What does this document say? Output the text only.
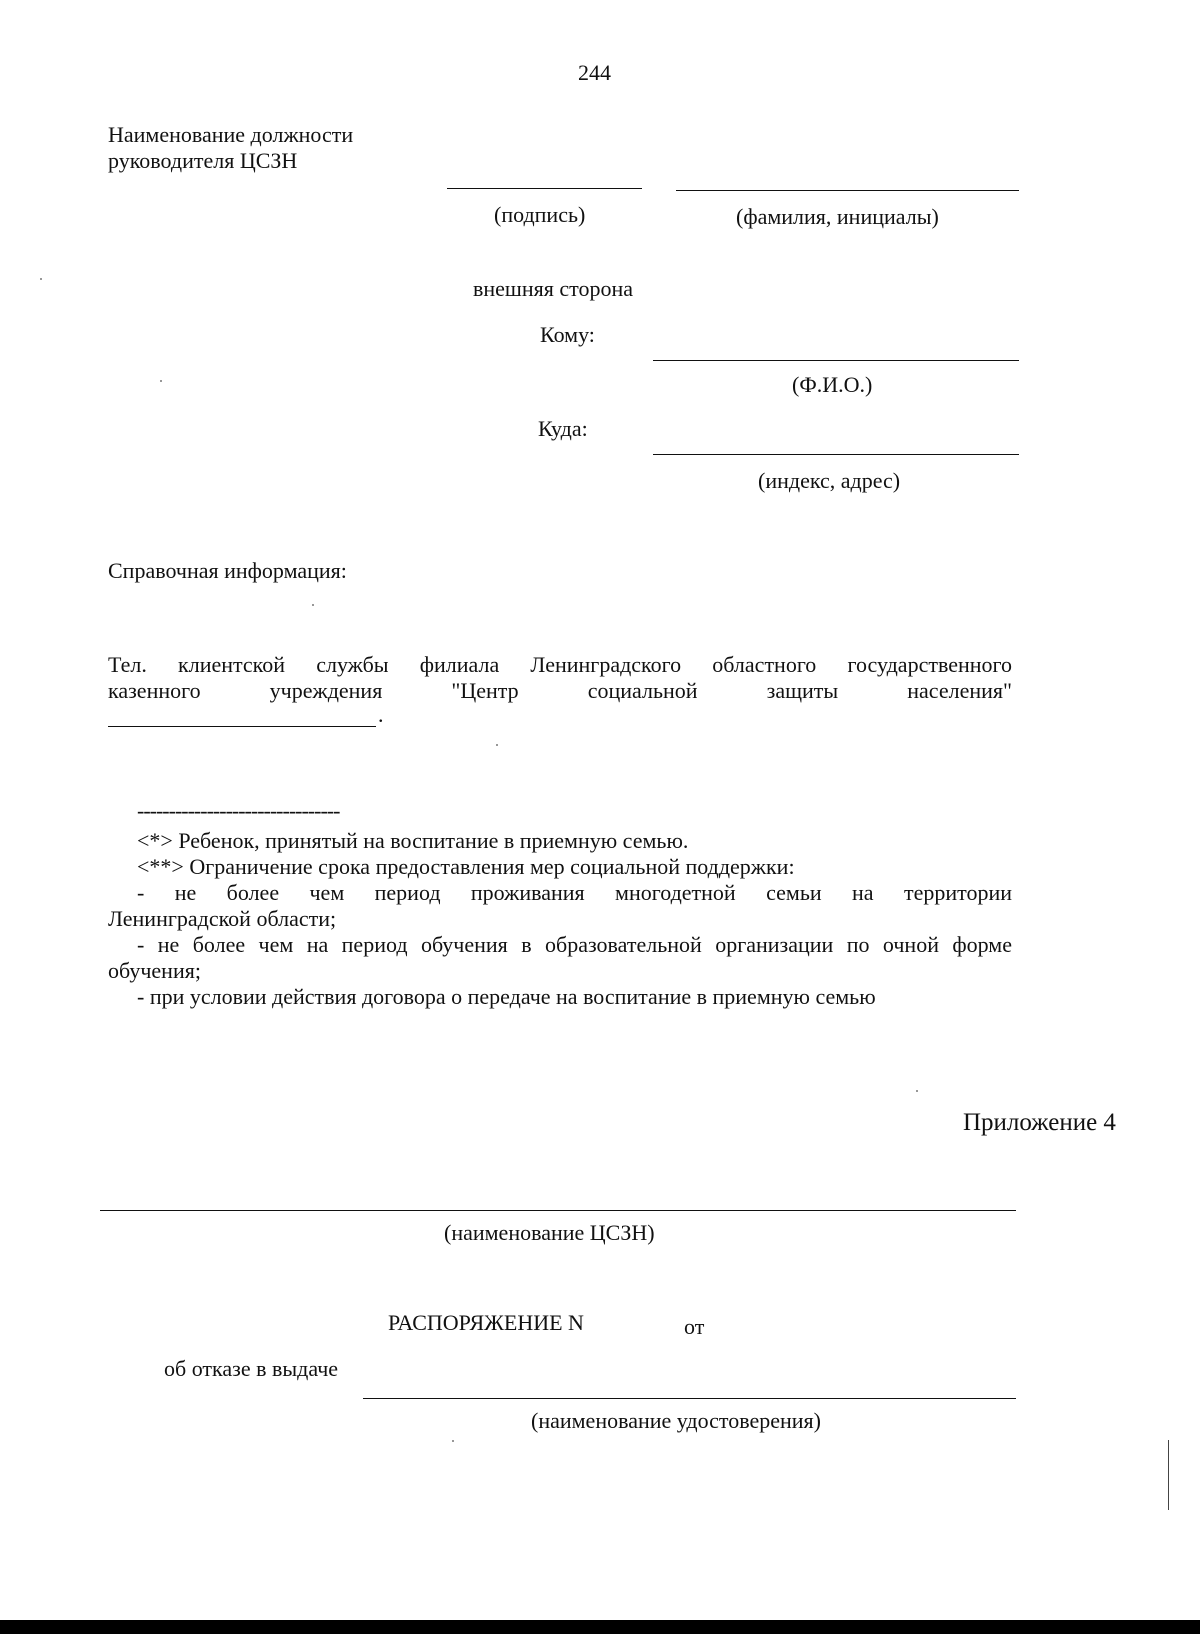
244
Наименование должности
руководителя ЦСЗН
(подпись)	(фамилия, инициалы)
внешняя сторона
Кому:
(Ф.И.О.)
Куда:
(индекс, адрес)
Справочная информация:
Тел. клиентской службы филиала Ленинградского областного государственного
казенного учреждения "Центр социальной защиты населения"
.
--------------------------------
<*> Ребенок, принятый на воспитание в приемную семью.
<**> Ограничение срока предоставления мер социальной поддержки:
- не более чем период проживания многодетной семьи на территории
Ленинградской области;
- не более чем на период обучения в образовательной организации по очной форме
обучения;
- при условии действия договора о передаче на воспитание в приемную семью
Приложение 4
(наименование ЦСЗН)
РАСПОРЯЖЕНИЕ N	от
об отказе в выдаче
(наименование удостоверения)
